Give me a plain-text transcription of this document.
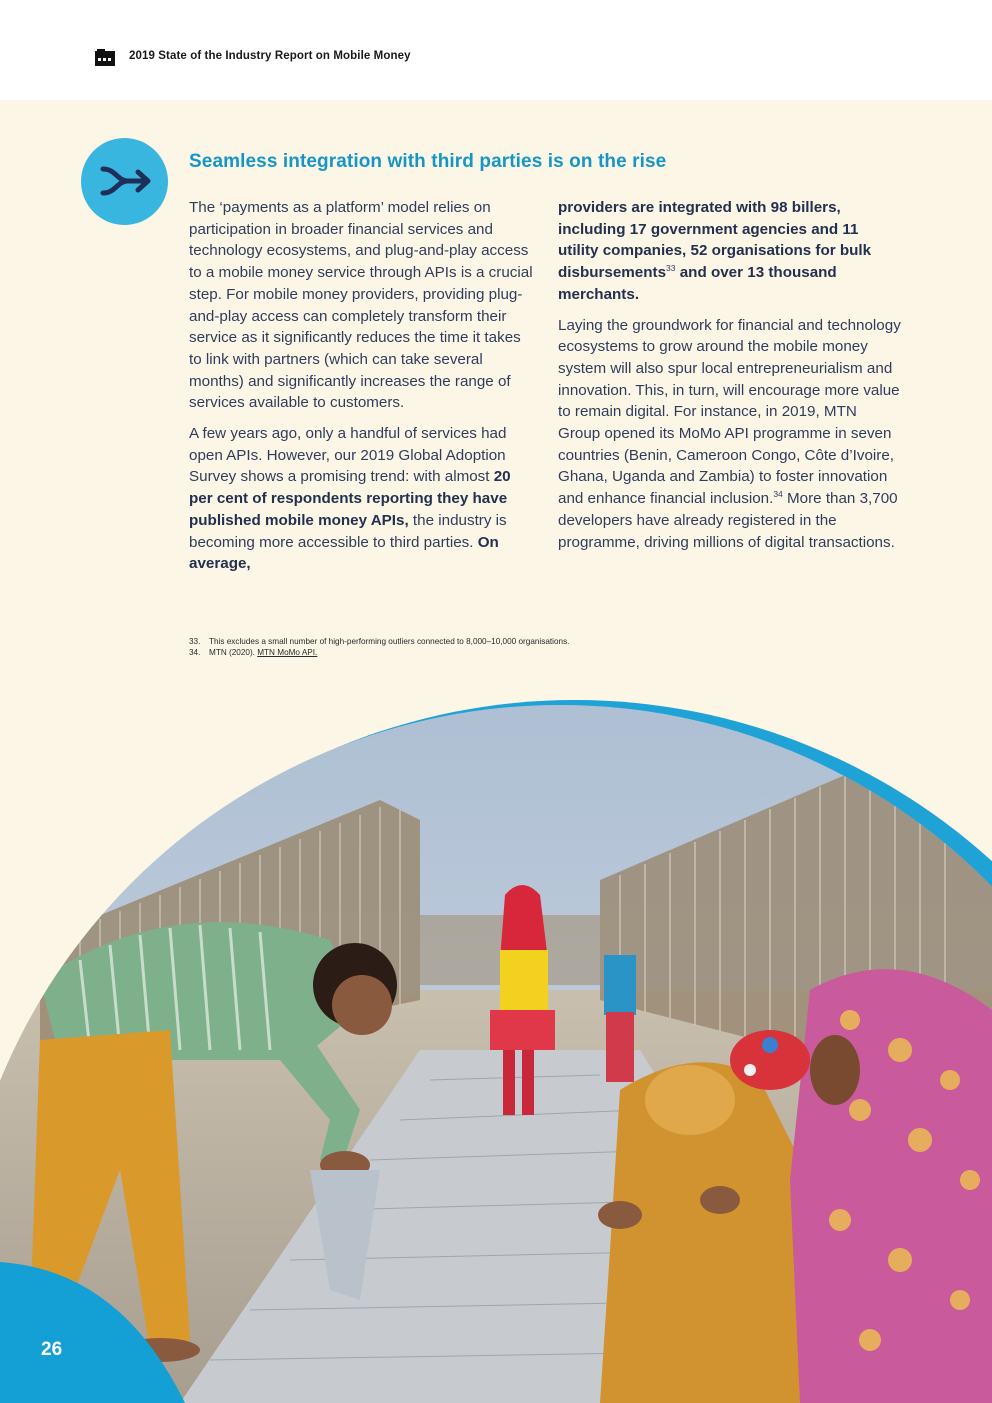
2019 State of the Industry Report on Mobile Money
Seamless integration with third parties is on the rise

The ‘payments as a platform’ model relies on participation in broader financial services and technology ecosystems, and plug-and-play access to a mobile money service through APIs is a crucial step. For mobile money providers, providing plug-and-play access can completely transform their service as it significantly reduces the time it takes to link with partners (which can take several months) and significantly increases the range of services available to customers.

A few years ago, only a handful of services had open APIs. However, our 2019 Global Adoption Survey shows a promising trend: with almost 20 per cent of respondents reporting they have published mobile money APIs, the industry is becoming more accessible to third parties. On average,

providers are integrated with 98 billers, including 17 government agencies and 11 utility companies, 52 organisations for bulk disbursements$^{33}$ and over 13 thousand merchants.

Laying the groundwork for financial and technology ecosystems to grow around the mobile money system will also spur local entrepreneurialism and innovation. This, in turn, will encourage more value to remain digital. For instance, in 2019, MTN Group opened its MoMo API programme in seven countries (Benin, Cameroon Congo, Côte d’Ivoire, Ghana, Uganda and Zambia) to foster innovation and enhance financial inclusion.$^{34}$ More than 3,700 developers have already registered in the programme, driving millions of digital transactions.

33. This excludes a small number of high-performing outliers connected to 8,000–10,000 organisations.
34. MTN (2020). MTN MoMo API.
26
